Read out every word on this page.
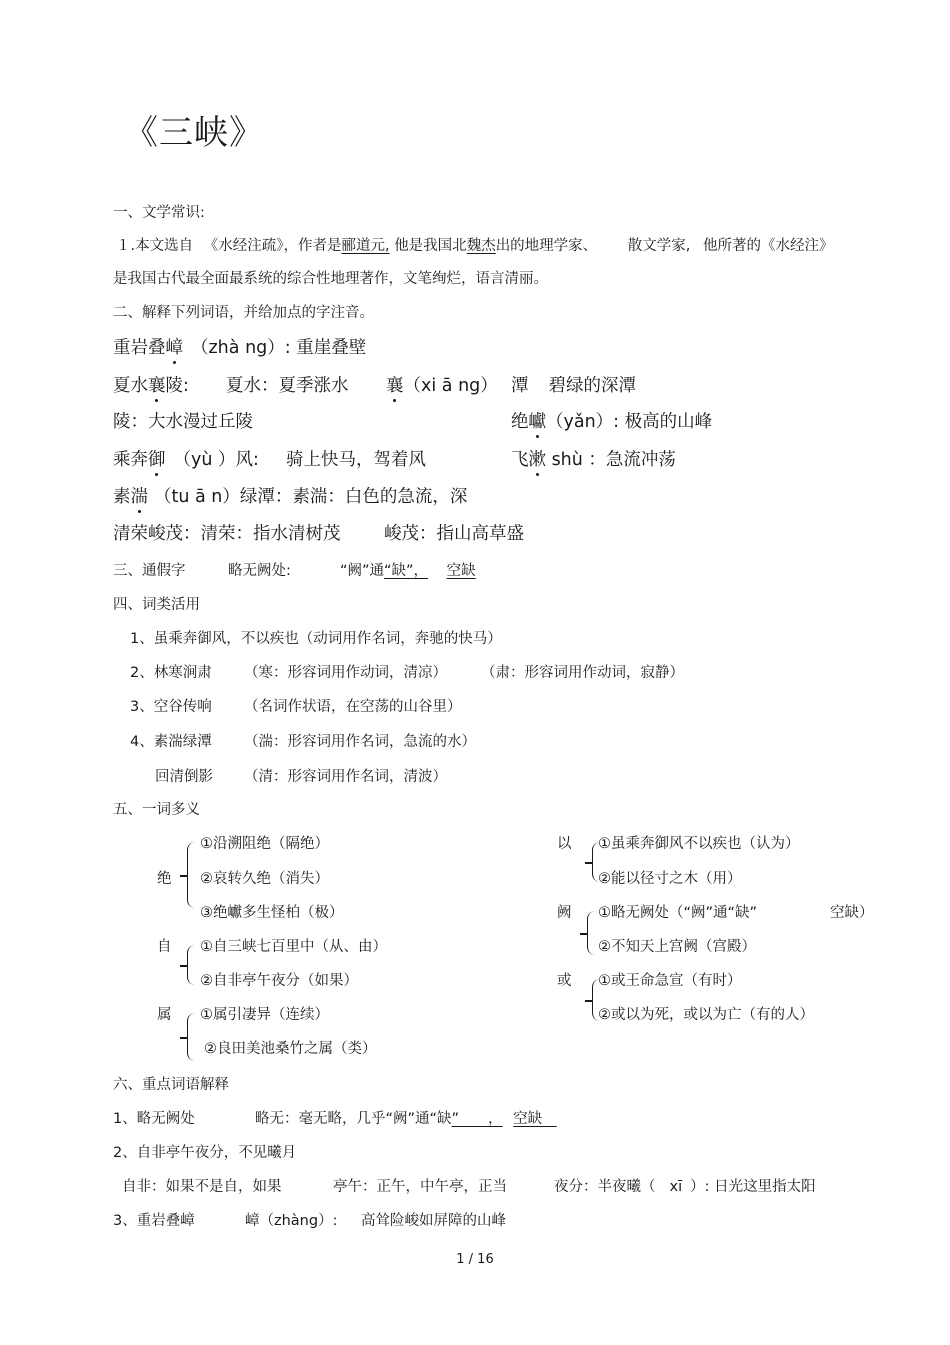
《三峡》
一、文学常识:
１.本文选自 《水经注疏》，作者是郦道元, 他是我国北魏杰出的地理学家、 散文学家, 他所著的《水经注》
是我国古代最全面最系统的综合性地理著作，文笔绚烂，语言清丽。
二、解释下列词语，并给加点的字注音。
重岩叠嶂 （zhà ng）: 重崖叠壁
夏水襄陵: 夏水：夏季涨水 襄（xi ā ng） 潭 碧绿的深潭
陵：大水漫过丘陵	绝巘（yǎn）: 极高的山峰
乘奔御 （yù ）风: 骑上快马，驾着风	飞漱 shù ：急流冲荡
素湍 （tu ā n）绿潭：素湍：白色的急流，深
清荣峻茂：清荣：指水清树茂 峻茂：指山高草盛
三、通假字	略无阙处:	“阙”通“缺”， 空缺
四、词类活用
1、虽乘奔御风，不以疾也（动词用作名词，奔驰的快马）
2、林寒涧肃 （寒：形容词用作动词，清凉） （肃：形容词用作动词，寂静）
3、空谷传响 （名词作状语，在空荡的山谷里）
4、素湍绿潭 （湍：形容词用作名词，急流的水）
回清倒影 （清：形容词用作名词，清波）
五、一词多义
绝
①沿溯阻绝（隔绝）
②哀转久绝（消失）
③绝巘多生怪柏（极）
自 ①自三峡七百里中（从、由）
②自非亭午夜分（如果）
属 ①属引凄异（连续）
②良田美池桑竹之属（类）
以 ①虽乘奔御风不以疾也（认为）
②能以径寸之木（用）
阙 ①略无阙处（“阙”通“缺”	空缺）
②不知天上宫阙（宫殿）
或 ①或王命急宣（有时）
②或以为死，或以为亡（有的人）
六、重点词语解释
1、略无阙处	略无：毫无略，几乎“阙”通“缺”　　， 空缺　
2、自非亭午夜分，不见曦月
自非：如果不是自，如果	亭午：正午，中午亭，正当	夜分：半夜曦（ xī ）: 日光这里指太阳
3、重岩叠嶂	嶂（zhàng）: 高耸险峻如屏障的山峰
1 / 16
